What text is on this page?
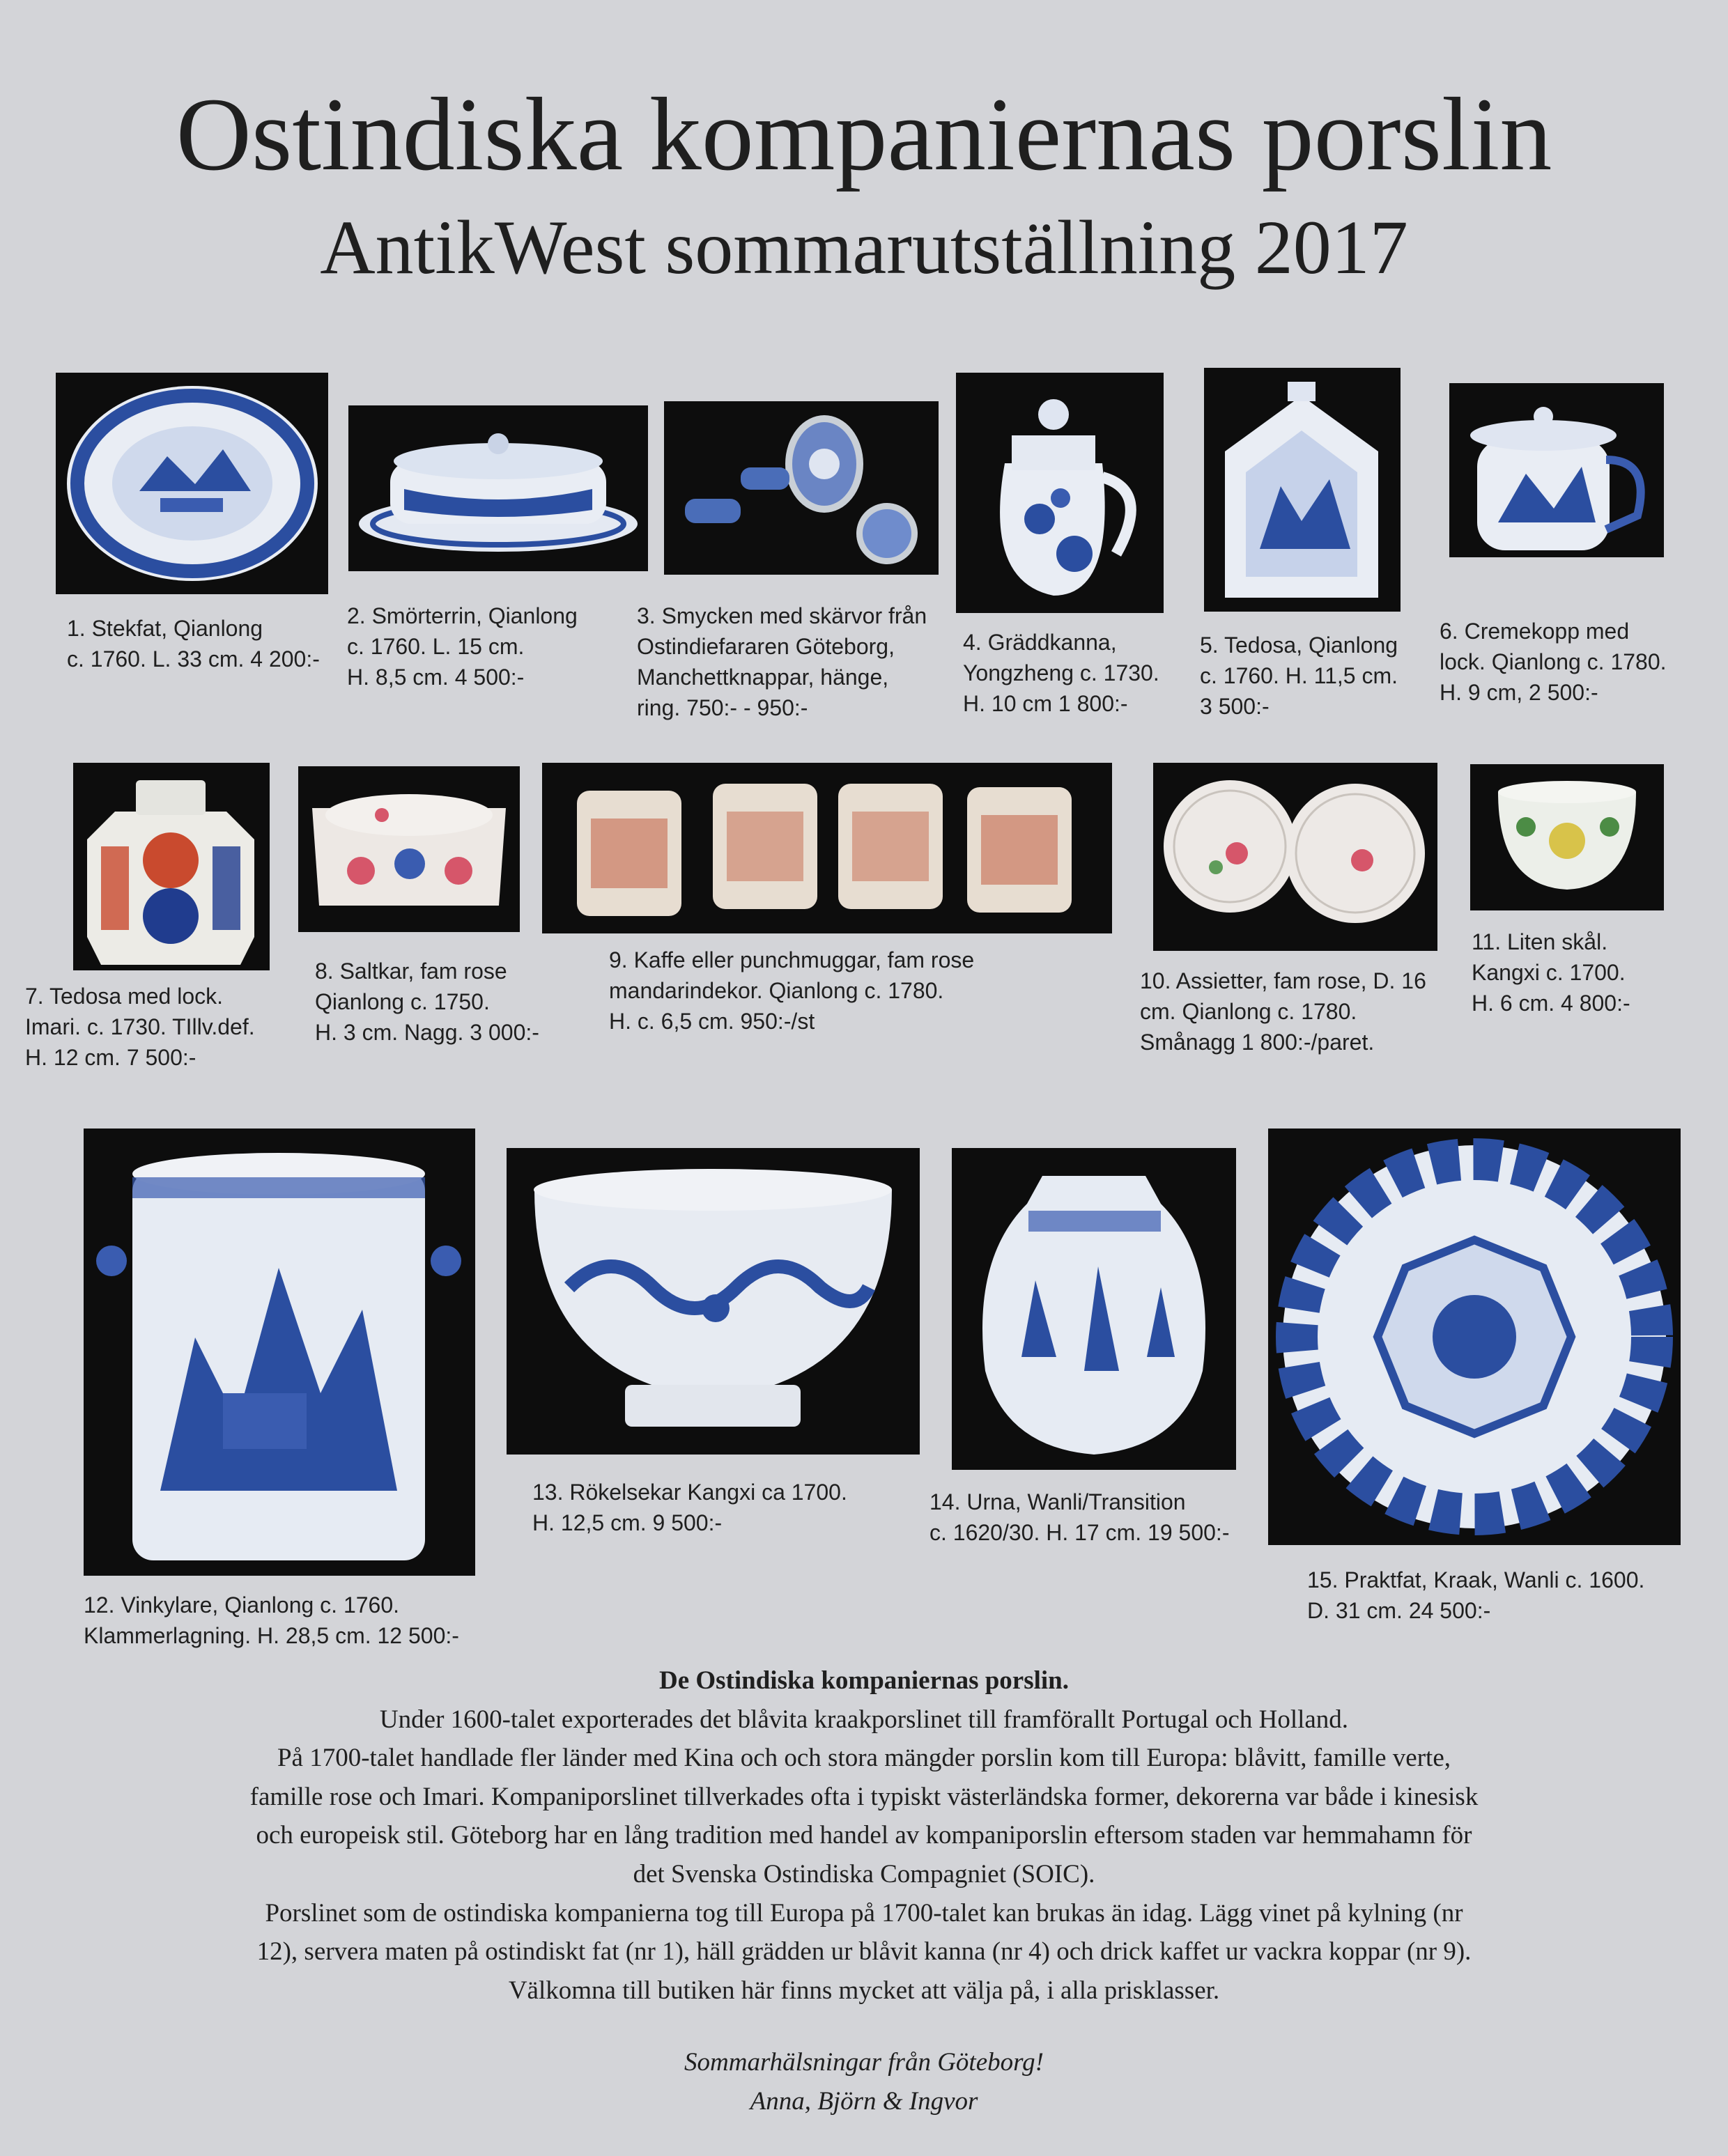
Ostindiska kompaniernas porslin
AntikWest sommarutställning 2017
1. Stekfat, Qianlong
c. 1760. L. 33 cm. 4 200:-
2. Smörterrin, Qianlong
c. 1760. L. 15 cm.
H. 8,5 cm. 4 500:-
3. Smycken med skärvor från
Ostindiefararen Göteborg,
Manchettknappar, hänge,
ring. 750:- - 950:-
4. Gräddkanna,
Yongzheng c. 1730.
H. 10 cm 1 800:-
5. Tedosa, Qianlong
c. 1760. H. 11,5 cm.
3 500:-
6. Cremekopp med
lock. Qianlong c. 1780.
H. 9 cm, 2 500:-
7. Tedosa med lock.
Imari. c. 1730. TIllv.def.
H. 12 cm. 7 500:-
8. Saltkar, fam rose
Qianlong c. 1750.
H. 3 cm. Nagg. 3 000:-
9. Kaffe eller punchmuggar, fam rose
mandarindekor. Qianlong c. 1780.
H. c. 6,5 cm. 950:-/st
10. Assietter, fam rose, D. 16
cm. Qianlong c. 1780.
Smånagg 1 800:-/paret.
11. Liten skål.
Kangxi c. 1700.
H. 6 cm. 4 800:-
12. Vinkylare, Qianlong c. 1760.
Klammerlagning. H. 28,5 cm. 12 500:-
13. Rökelsekar Kangxi ca 1700.
H. 12,5 cm. 9 500:-
14. Urna, Wanli/Transition
c. 1620/30. H. 17 cm. 19 500:-
15. Praktfat, Kraak, Wanli c. 1600.
D. 31 cm. 24 500:-

De Ostindiska kompaniernas porslin.

Under 1600-talet exporterades det blåvita kraakporslinet till framförallt Portugal och Holland.

På 1700-talet handlade fler länder med Kina och och stora mängder porslin kom till Europa: blåvitt, famille verte,

famille rose och Imari. Kompaniporslinet tillverkades ofta i typiskt västerländska former, dekorerna var både i kinesisk

och europeisk stil. Göteborg har en lång tradition med handel av kompaniporslin eftersom staden var hemmahamn för

det Svenska Ostindiska Compagniet (SOIC).

Porslinet som de ostindiska kompanierna tog till Europa på 1700-talet kan brukas än idag. Lägg vinet på kylning (nr

12), servera maten på ostindiskt fat (nr 1), häll grädden ur blåvit kanna (nr 4) och drick kaffet ur vackra koppar (nr 9).

Välkomna till butiken här finns mycket att välja på, i alla prisklasser.

Sommarhälsningar från Göteborg!

Anna, Björn & Ingvor
